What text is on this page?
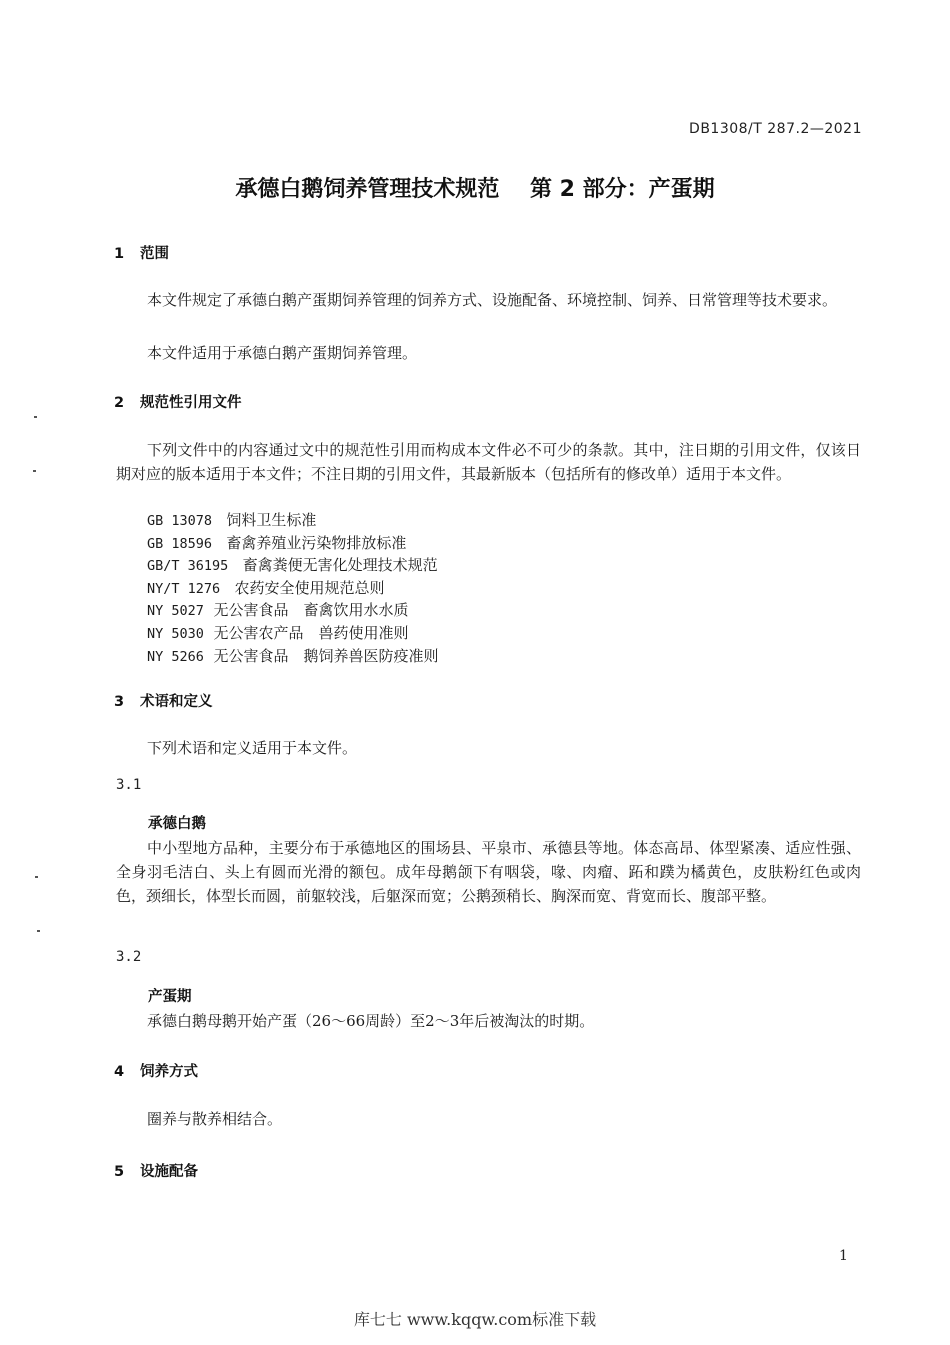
DB1308/T 287.2—2021
承德白鹅饲养管理技术规范    第 2 部分：产蛋期
1 范围

本文件规定了承德白鹅产蛋期饲养管理的饲养方式、设施配备、环境控制、饲养、日常管理等技术要求。

本文件适用于承德白鹅产蛋期饲养管理。

2 规范性引用文件

下列文件中的内容通过文中的规范性引用而构成本文件必不可少的条款。其中，注日期的引用文件，仅该日期对应的版本适用于本文件；不注日期的引用文件，其最新版本（包括所有的修改单）适用于本文件。

GB 13078 饲料卫生标准
GB 18596 畜禽养殖业污染物排放标准
GB/T 36195 畜禽粪便无害化处理技术规范
NY/T 1276 农药安全使用规范总则
NY 5027 无公害食品　畜禽饮用水水质
NY 5030 无公害农产品　兽药使用准则
NY 5266 无公害食品　鹅饲养兽医防疫准则
3 术语和定义

下列术语和定义适用于本文件。

3.1
承德白鹅

中小型地方品种，主要分布于承德地区的围场县、平泉市、承德县等地。体态高昂、体型紧凑、适应性强、全身羽毛洁白、头上有圆而光滑的额包。成年母鹅颌下有咽袋，喙、肉瘤、跖和蹼为橘黄色，皮肤粉红色或肉色，颈细长，体型长而圆，前躯较浅，后躯深而宽；公鹅颈稍长、胸深而宽、背宽而长、腹部平整。

3.2
产蛋期

承德白鹅母鹅开始产蛋（26～66周龄）至2～3年后被淘汰的时期。

4 饲养方式

圈养与散养相结合。

5 设施配备
1
库七七 www.kqqw.com标准下载
